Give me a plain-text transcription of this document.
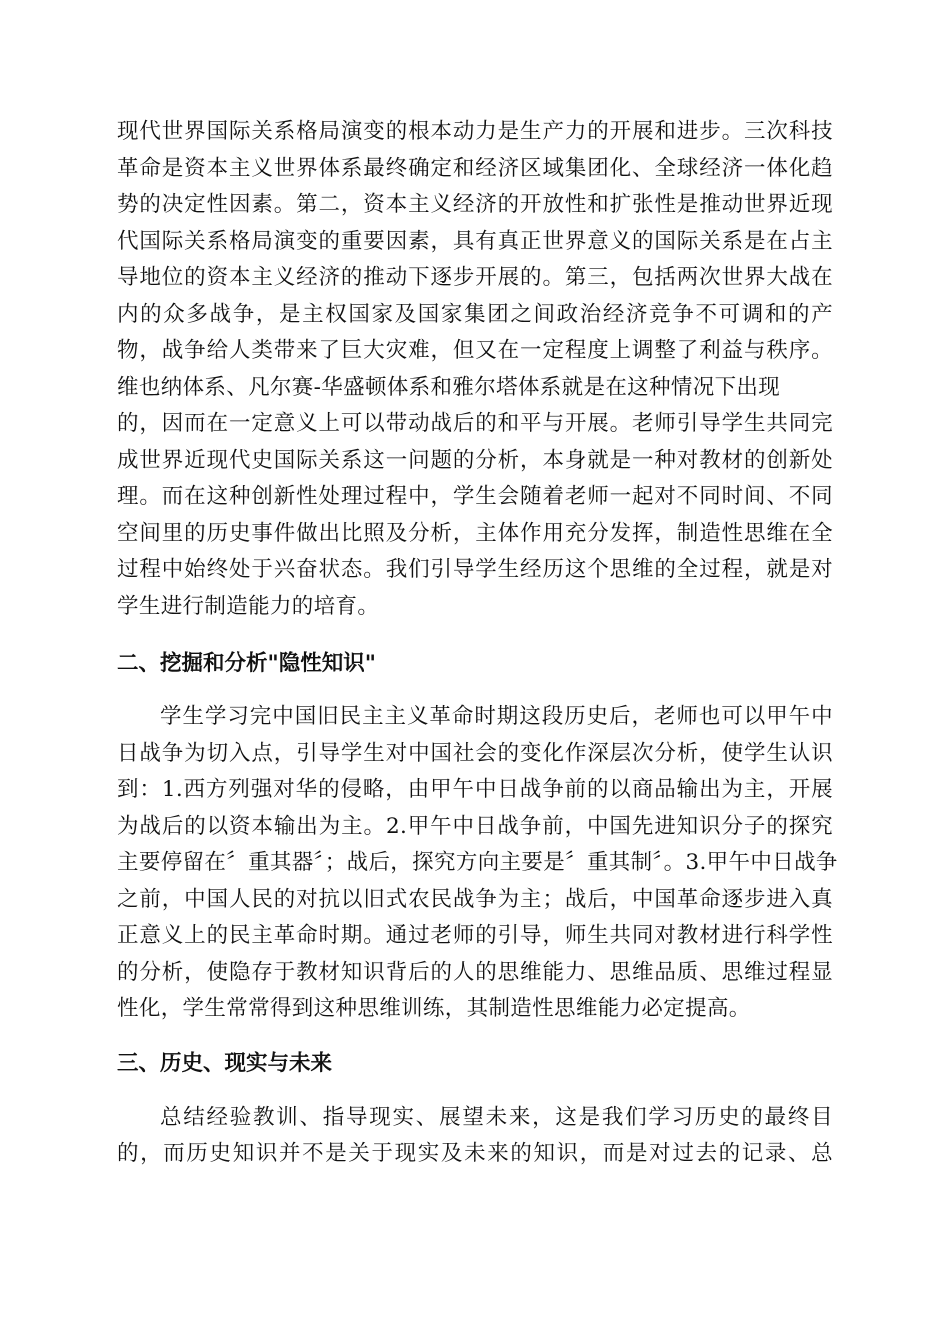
现代世界国际关系格局演变的根本动力是生产力的开展和进步。三次科技
革命是资本主义世界体系最终确定和经济区域集团化、全球经济一体化趋
势的决定性因素。第二，资本主义经济的开放性和扩张性是推动世界近现
代国际关系格局演变的重要因素，具有真正世界意义的国际关系是在占主
导地位的资本主义经济的推动下逐步开展的。第三，包括两次世界大战在
内的众多战争，是主权国家及国家集团之间政治经济竞争不可调和的产
物，战争给人类带来了巨大灾难，但又在一定程度上调整了利益与秩序。
维也纳体系、凡尔赛-华盛顿体系和雅尔塔体系就是在这种情况下出现
的，因而在一定意义上可以带动战后的和平与开展。老师引导学生共同完
成世界近现代史国际关系这一问题的分析，本身就是一种对教材的创新处
理。而在这种创新性处理过程中，学生会随着老师一起对不同时间、不同
空间里的历史事件做出比照及分析，主体作用充分发挥，制造性思维在全
过程中始终处于兴奋状态。我们引导学生经历这个思维的全过程，就是对
学生进行制造能力的培育。
二、挖掘和分析"隐性知识"
学生学习完中国旧民主主义革命时期这段历史后，老师也可以甲午中
日战争为切入点，引导学生对中国社会的变化作深层次分析，使学生认识
到：1.西方列强对华的侵略，由甲午中日战争前的以商品输出为主，开展
为战后的以资本输出为主。2.甲午中日战争前，中国先进知识分子的探究
主要停留在〞重其器〞；战后，探究方向主要是〞重其制〞。3.甲午中日战争
之前，中国人民的对抗以旧式农民战争为主；战后，中国革命逐步进入真
正意义上的民主革命时期。通过老师的引导，师生共同对教材进行科学性
的分析，使隐存于教材知识背后的人的思维能力、思维品质、思维过程显
性化，学生常常得到这种思维训练，其制造性思维能力必定提高。
三、历史、现实与未来
总结经验教训、指导现实、展望未来，这是我们学习历史的最终目
的，而历史知识并不是关于现实及未来的知识，而是对过去的记录、总
